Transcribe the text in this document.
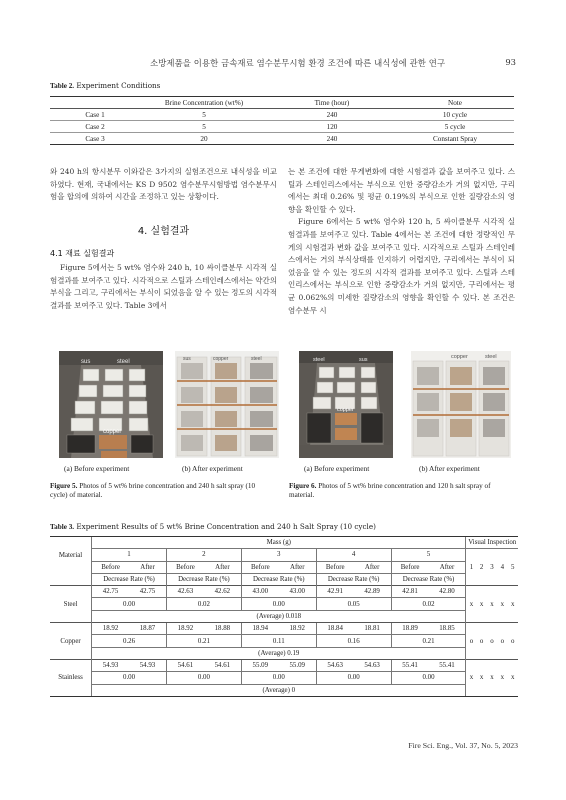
소방제품을 이용한 금속재료 염수분무시험 환경 조건에 따른 내식성에 관한 연구	93
Table 2. Experiment Conditions
	Brine Concentration (wt%)	Time (hour)	Note
Case 1	5	240	10 cycle
Case 2	5	120	5 cycle
Case 3	20	240	Constant Spray

와 240 h의 항시분무 이와같은 3가지의 실험조건으로 내식성을 비교하였다. 현재, 국내에서는 KS D 9502 염수분무시험방법 염수분무시험을 합의에 의하여 시간을 조정하고 있는 상황이다.

4. 실험결과
4.1 재료 실험결과

Figure 5에서는 5 wt% 염수와 240 h, 10 싸이클분무 시각적 실험결과를 보여주고 있다. 시각적으로 스틸과 스테인레스에서는 약간의 부식을 그리고, 구리에서는 부식이 되었음을 알 수 있는 정도의 시각적 결과를 보여주고 있다. Table 3에서

는 본 조건에 대한 무게변화에 대한 시험결과 값을 보여주고 있다. 스틸과 스테인리스에서는 부식으로 인한 중량감소가 거의 없지만, 구리에서는 최대 0.26% 및 평균 0.19%의 부식으로 인한 질량감소의 영향을 확인할 수 있다.

Figure 6에서는 5 wt% 염수와 120 h, 5 싸이클분무 시각적 실험결과를 보여주고 있다. Table 4에서는 본 조건에 대한 정량적인 무게의 시험결과 변화 값을 보여주고 있다. 시각적으로 스틸과 스테인레스에서는 거의 부식상태를 인지하기 어렵지만, 구리에서는 부식이 되었음을 알 수 있는 정도의 시각적 결과를 보여주고 있다. 스틸과 스테인리스에서는 부식으로 인한 중량감소가 거의 없지만, 구리에서는 평균 0.062%의 미세한 질량감소의 영향을 확인할 수 있다. 본 조건은 염수분무 시

sus	steel
copper
sus	copper	steel	steel	sus
copper
copper	steel
(a) Before experiment	(b) After experiment	(a) Before experiment	(b) After experiment
Figure 5. Photos of 5 wt% brine concentration and 240 h salt spray (10 cycle) of material.
Figure 6. Photos of 5 wt% brine concentration and 120 h salt spray of material.
Table 3. Experiment Results of 5 wt% Brine Concentration and 240 h Salt Spray (10 cycle)
Material	Mass (g)										Visual Inspection				

	1		2		3		4		5		1	2	3	4	5
	Before	After	Before	After	Before	After	Before	After	Before	After					
	Decrease Rate (%)		Decrease Rate (%)		Decrease Rate (%)		Decrease Rate (%)		Decrease Rate (%)						
Steel	42.75	42.75	42.63	42.62	43.00	43.00	42.91	42.89	42.81	42.80	x	x	x	x	x
	0.00		0.02		0.00		0.05		0.02						
	(Average) 0.018														
Copper	18.92	18.87	18.92	18.88	18.94	18.92	18.84	18.81	18.89	18.85	o	o	o	o	o
	0.26		0.21		0.11		0.16		0.21						
	(Average) 0.19														
Stainless	54.93	54.93	54.61	54.61	55.09	55.09	54.63	54.63	55.41	55.41	x	x	x	x	x
	0.00		0.00		0.00		0.00		0.00						
	(Average) 0														
Fire Sci. Eng., Vol. 37, No. 5, 2023
